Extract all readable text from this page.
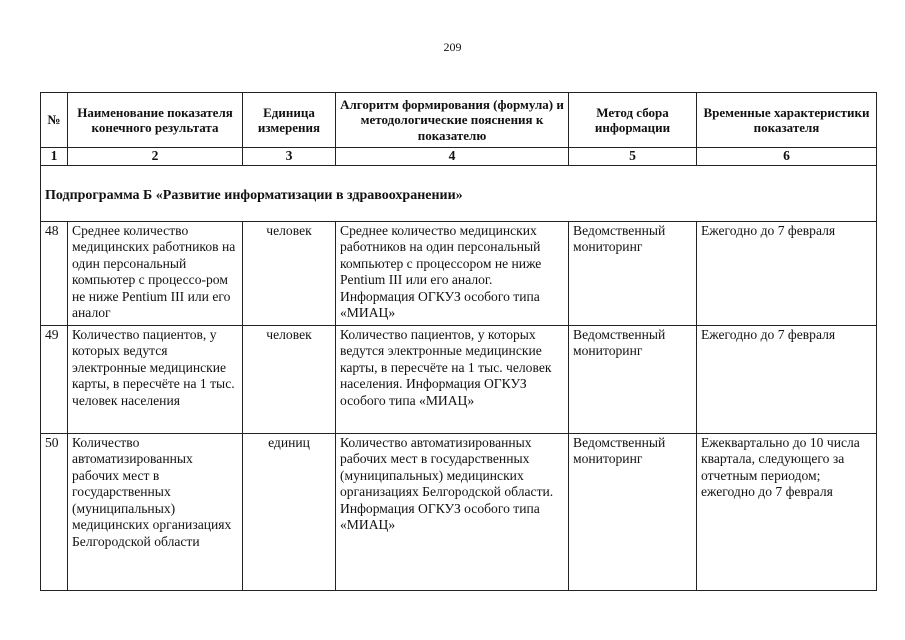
209
№	Наименование показателя конечного результата	Единица измерения	Алгоритм формирования (формула) и методологические пояснения к показателю	Метод сбора информации	Временные характеристики показателя
1	2	3	4	5	6
Подпрограмма Б «Развитие информатизации в здравоохранении»					
48	Среднее количество медицинских работников на один персональный компьютер с процессо-ром не ниже Pentium III или его аналог	человек	Среднее количество медицинских работников на один персональный компьютер с процессором не ниже Pentium III или его аналог. Информация ОГКУЗ особого типа «МИАЦ»	Ведомственный мониторинг	Ежегодно до 7 февраля
49	Количество пациентов, у которых ведутся электронные медицинские карты, в пересчёте на 1 тыс. человек населения	человек	Количество пациентов, у которых ведутся электронные медицинские карты, в пересчёте на 1 тыс. человек населения. Информация ОГКУЗ особого типа «МИАЦ»	Ведомственный мониторинг	Ежегодно до 7 февраля
50	Количество автоматизированных рабочих мест в государственных (муниципальных) медицинских организациях Белгородской области	единиц	Количество автоматизированных рабочих мест в государственных (муниципальных) медицинских организациях Белгородской области. Информация ОГКУЗ особого типа «МИАЦ»	Ведомственный мониторинг	Ежеквартально до 10 числа квартала, следующего за отчетным периодом; ежегодно до 7 февраля
